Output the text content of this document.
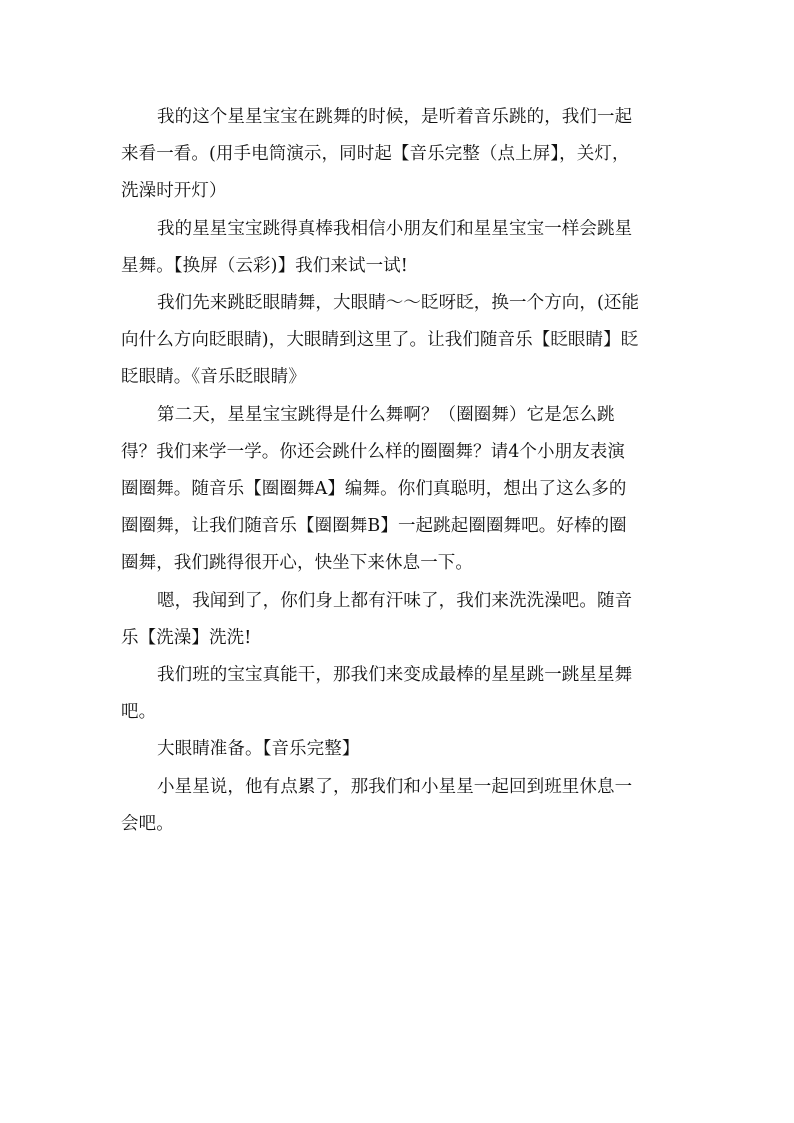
我的这个星星宝宝在跳舞的时候，是听着音乐跳的，我们一起
来看一看。(用手电筒演示，同时起【音乐完整（点上屏】，关灯，
洗澡时开灯）

我的星星宝宝跳得真棒我相信小朋友们和星星宝宝一样会跳星
星舞。【换屏（云彩)】我们来试一试!

我们先来跳眨眼睛舞，大眼睛～～眨呀眨，换一个方向，(还能
向什么方向眨眼睛)，大眼睛到这里了。让我们随音乐【眨眼睛】眨
眨眼睛。《音乐眨眼睛》

第二天，星星宝宝跳得是什么舞啊？（圈圈舞）它是怎么跳
得？我们来学一学。你还会跳什么样的圈圈舞？请4个小朋友表演
圈圈舞。随音乐【圈圈舞A】编舞。你们真聪明，想出了这么多的
圈圈舞，让我们随音乐【圈圈舞B】一起跳起圈圈舞吧。好棒的圈
圈舞，我们跳得很开心，快坐下来休息一下。

嗯，我闻到了，你们身上都有汗味了，我们来洗洗澡吧。随音
乐【洗澡】洗洗!

我们班的宝宝真能干，那我们来变成最棒的星星跳一跳星星舞
吧。

大眼睛准备。【音乐完整】

小星星说，他有点累了，那我们和小星星一起回到班里休息一
会吧。
